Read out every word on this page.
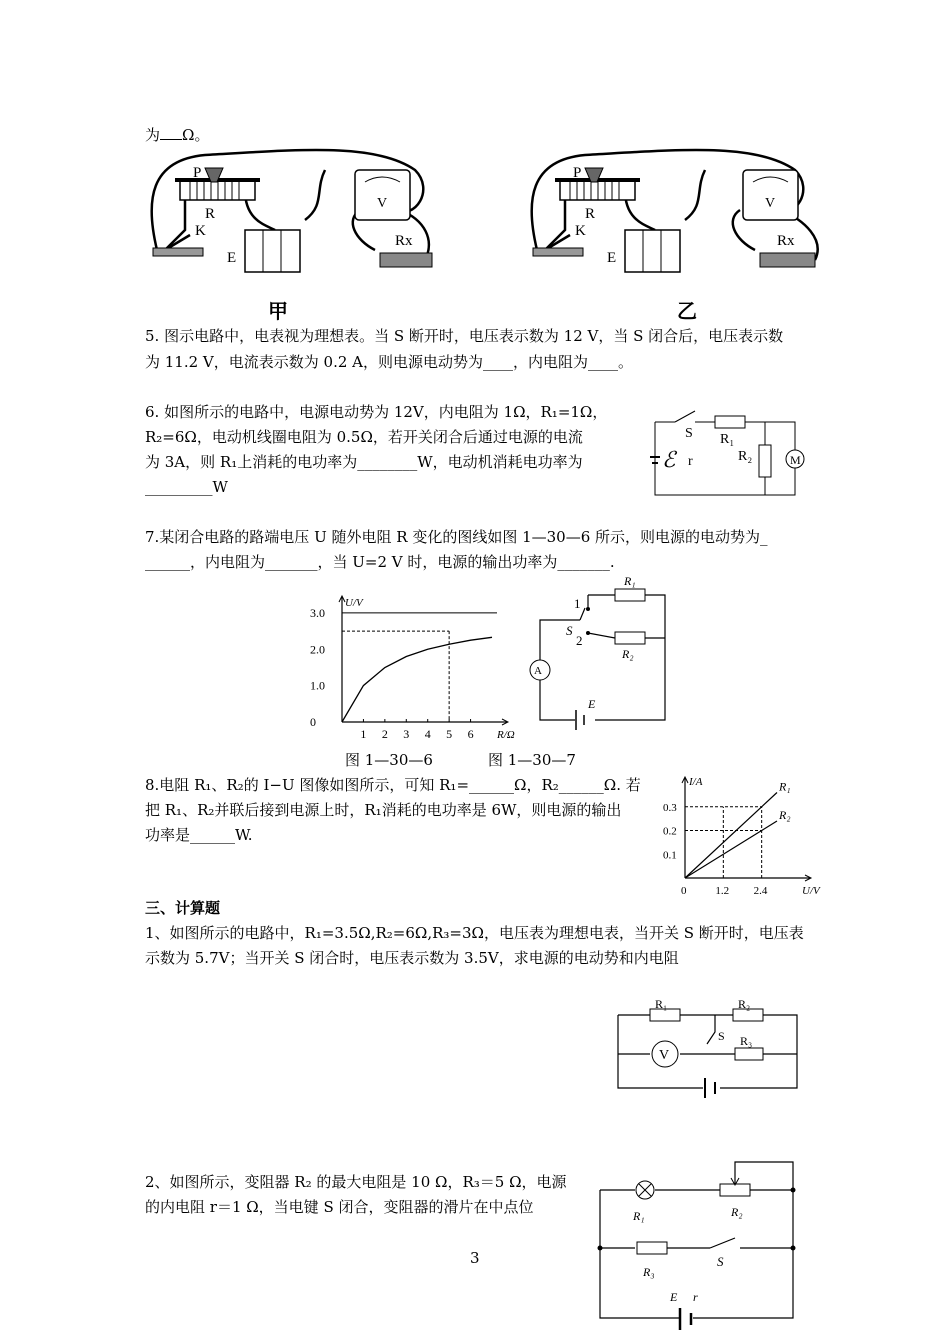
为 Ω。
P
R
K
E
V
Rx
甲
P
R
K
E
V
Rx
乙
5. 图示电路中，电表视为理想表。当 S 断开时，电压表示数为 12 V，当 S 闭合后，电压表示数
为 11.2 V，电流表示数为 0.2 A，则电源电动势为____，内电阻为____。
6. 如图所示的电路中，电源电动势为 12V，内电阻为 1Ω，R₁=1Ω，
R₂=6Ω，电动机线圈电阻为 0.5Ω，若开关闭合后通过电源的电流
为 3A，则 R₁上消耗的电功率为________W，电动机消耗电功率为
_________W
M
S R₁
R₂
ℰ r
7.某闭合电路的路端电压 U 随外电阻 R 变化的图线如图 1—30—6 所示，则电源的电动势为_
______，内电阻为_______，当 U=2 V 时，电源的输出功率为_______.
1 2 3 4 5 6
0
1.0
2.0
3.0
R/Ω
U/V
A
R₁
R₂
1
S
2
E
图 1—30—6	图 1—30—7
8.电阻 R₁、R₂的 I−U 图像如图所示，可知 R₁=______Ω，R₂______Ω. 若
把 R₁、R₂并联后接到电源上时，R₁消耗的电功率是 6W，则电源的输出
功率是______W.
0	1.2 2.4
0.1
0.2
0.3
U/V
I/A	R₁
R₂
三、计算题
1、如图所示的电路中，R₁=3.5Ω,R₂=6Ω,R₃=3Ω，电压表为理想电表，当开关 S 断开时，电压表
示数为 5.7V；当开关 S 闭合时，电压表示数为 3.5V，求电源的电动势和内电阻
V
R₁	R₂
R₃
S
2、如图所示，变阻器 R₂ 的最大电阻是 10 Ω，R₃＝5 Ω，电源
的内电阻 r＝1 Ω，当电键 S 闭合，变阻器的滑片在中点位	R₁	R₂
R₃
S
E r
3
